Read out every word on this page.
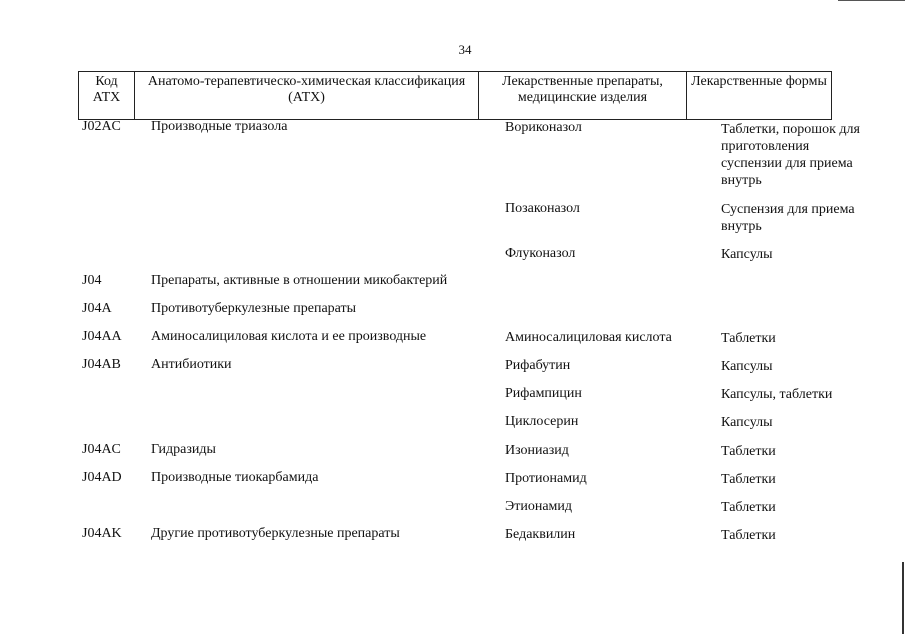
34
Код АТХ	Анатомо-терапевтическо-химическая классификация (АТХ)	Лекарственные препараты, медицинские изделия	Лекарственные формы
J02AC Производные триазола	Вориконазол	Таблетки, порошок для приготовления суспензии для приема внутрь
Позаконазол	Суспензия для приема внутрь
Флуконазол	Капсулы
J04	Препараты, активные в отношении микобактерий
J04A	Противотуберкулезные препараты
J04AA Аминосалициловая кислота и ее производные	Аминосалициловая кислота	Таблетки
J04AB Антибиотики	Рифабутин	Капсулы
Рифампицин	Капсулы, таблетки
Циклосерин	Капсулы
J04AC Гидразиды	Изониазид	Таблетки
J04AD Производные тиокарбамида	Протионамид	Таблетки
Этионамид	Таблетки
J04AK Другие противотуберкулезные препараты	Бедаквилин	Таблетки
